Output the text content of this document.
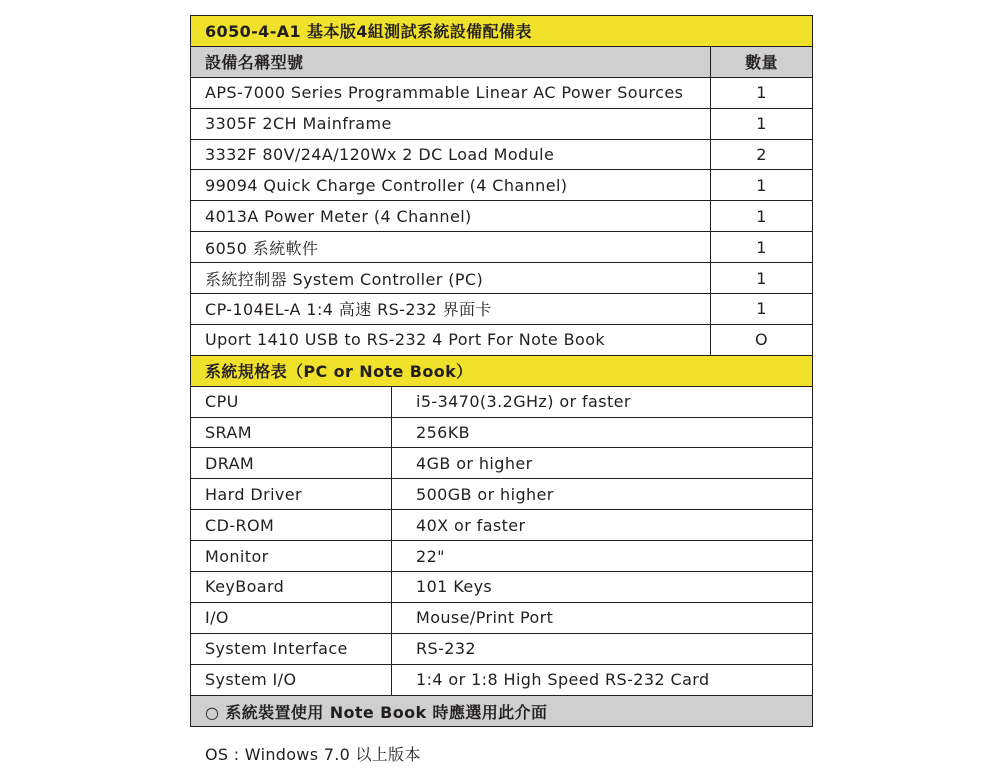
6050-4-A1 基本版4組測試系統設備配備表
設備名稱型號	數量
APS-7000 Series Programmable Linear AC Power Sources	1
3305F 2CH Mainframe	1
3332F 80V/24A/120Wx 2 DC Load Module	2
99094 Quick Charge Controller (4 Channel)	1
4013A Power Meter (4 Channel)	1
6050 系統軟件	1
系統控制器 System Controller (PC)	1
CP-104EL-A 1:4 高速 RS-232 界面卡	1
Uport 1410 USB to RS-232 4 Port For Note Book	O
系統規格表（PC or Note Book）
CPU	i5-3470(3.2GHz) or faster
SRAM	256KB
DRAM	4GB or higher
Hard Driver	500GB or higher
CD-ROM	40X or faster
Monitor	22"
KeyBoard	101 Keys
I/O	Mouse/Print Port
System Interface	RS-232
System I/O	1:4 or 1:8 High Speed RS-232 Card
○ 系統裝置使用 Note Book 時應選用此介面
OS : Windows 7.0 以上版本
